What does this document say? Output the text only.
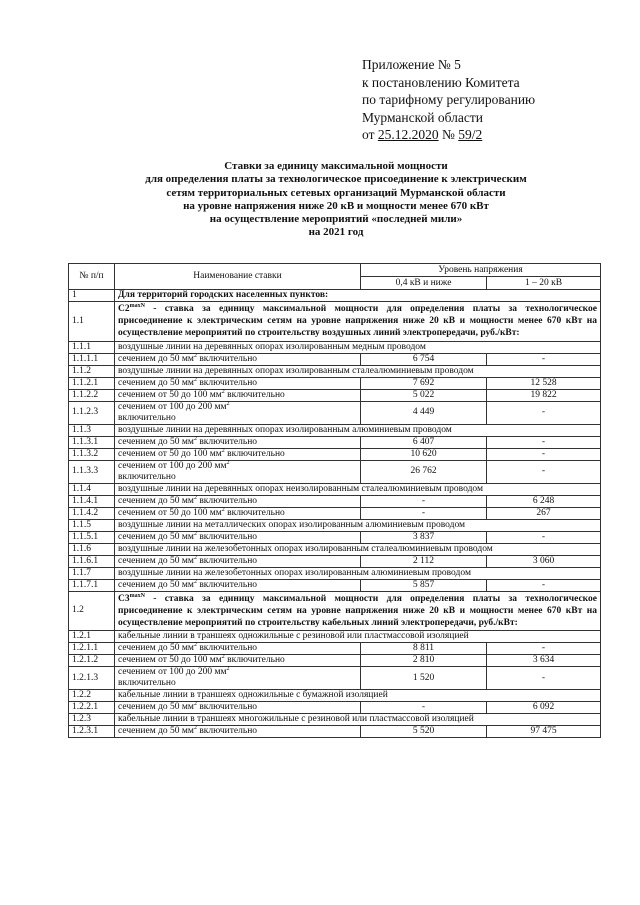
Приложение № 5
к постановлению Комитета
по тарифному регулированию
Мурманской области
от 25.12.2020 № 59/2
Ставки за единицу максимальной мощности
для определения платы за технологическое присоединение к электрическим
сетям территориальных сетевых организаций Мурманской области
на уровне напряжения ниже 20 кВ и мощности менее 670 кВт
на осуществление мероприятий «последней мили»
на 2021 год
№ п/п	Наименование ставки	Уровень напряжения	
		0,4 кВ и ниже	1 – 20 кВ
1	Для территорий городских населенных пунктов:		
1.1	$C2^{maxN}$ - ставка за единицу максимальной мощности для определения платы за технологическое присоединение к электрическим сетям на уровне напряжения ниже 20 кВ и мощности менее 670 кВт на осуществление мероприятий по строительству воздушных линий электропередачи, руб./кВт:		
1.1.1	воздушные линии на деревянных опорах изолированным медным проводом		
1.1.1.1	сечением до 50 $мм^2$ включительно	6 754	-
1.1.2	воздушные линии на деревянных опорах изолированным сталеалюминиевым проводом		
1.1.2.1	сечением до 50 $мм^2$ включительно	7 692	12 528
1.1.2.2	сечением от 50 до 100 $мм^2$ включительно	5 022	19 822
1.1.2.3	сечением от 100 до 200 $мм^2$
включительно	4 449	-
1.1.3	воздушные линии на деревянных опорах изолированным алюминиевым проводом		
1.1.3.1	сечением до 50 $мм^2$ включительно	6 407	-
1.1.3.2	сечением от 50 до 100 $мм^2$ включительно	10 620	-
1.1.3.3	сечением от 100 до 200 $мм^2$
включительно	26 762	-
1.1.4	воздушные линии на деревянных опорах неизолированным сталеалюминиевым проводом		
1.1.4.1	сечением до 50 $мм^2$ включительно	-	6 248
1.1.4.2	сечением от 50 до 100 $мм^2$ включительно	-	267
1.1.5	воздушные линии на металлических опорах изолированным алюминиевым проводом		
1.1.5.1	сечением до 50 $мм^2$ включительно	3 837	-
1.1.6	воздушные линии на железобетонных опорах изолированным сталеалюминиевым проводом		
1.1.6.1	сечением до 50 $мм^2$ включительно	2 112	3 060
1.1.7	воздушные линии на железобетонных опорах изолированным алюминиевым проводом		
1.1.7.1	сечением до 50 $мм^2$ включительно	5 857	-
1.2	$C3^{maxN}$ - ставка за единицу максимальной мощности для определения платы за технологическое присоединение к электрическим сетям на уровне напряжения ниже 20 кВ и мощности менее 670 кВт на осуществление мероприятий по строительству кабельных линий электропередачи, руб./кВт:		
1.2.1	кабельные линии в траншеях одножильные с резиновой или пластмассовой изоляцией		
1.2.1.1	сечением до 50 $мм^2$ включительно	8 811	-
1.2.1.2	сечением от 50 до 100 $мм^2$ включительно	2 810	3 634
1.2.1.3	сечением от 100 до 200 $мм^2$
включительно	1 520	-
1.2.2	кабельные линии в траншеях одножильные с бумажной изоляцией		
1.2.2.1	сечением до 50 $мм^2$ включительно	-	6 092
1.2.3	кабельные линии в траншеях многожильные с резиновой или пластмассовой изоляцией		
1.2.3.1	сечением до 50 $мм^2$ включительно	5 520	97 475
